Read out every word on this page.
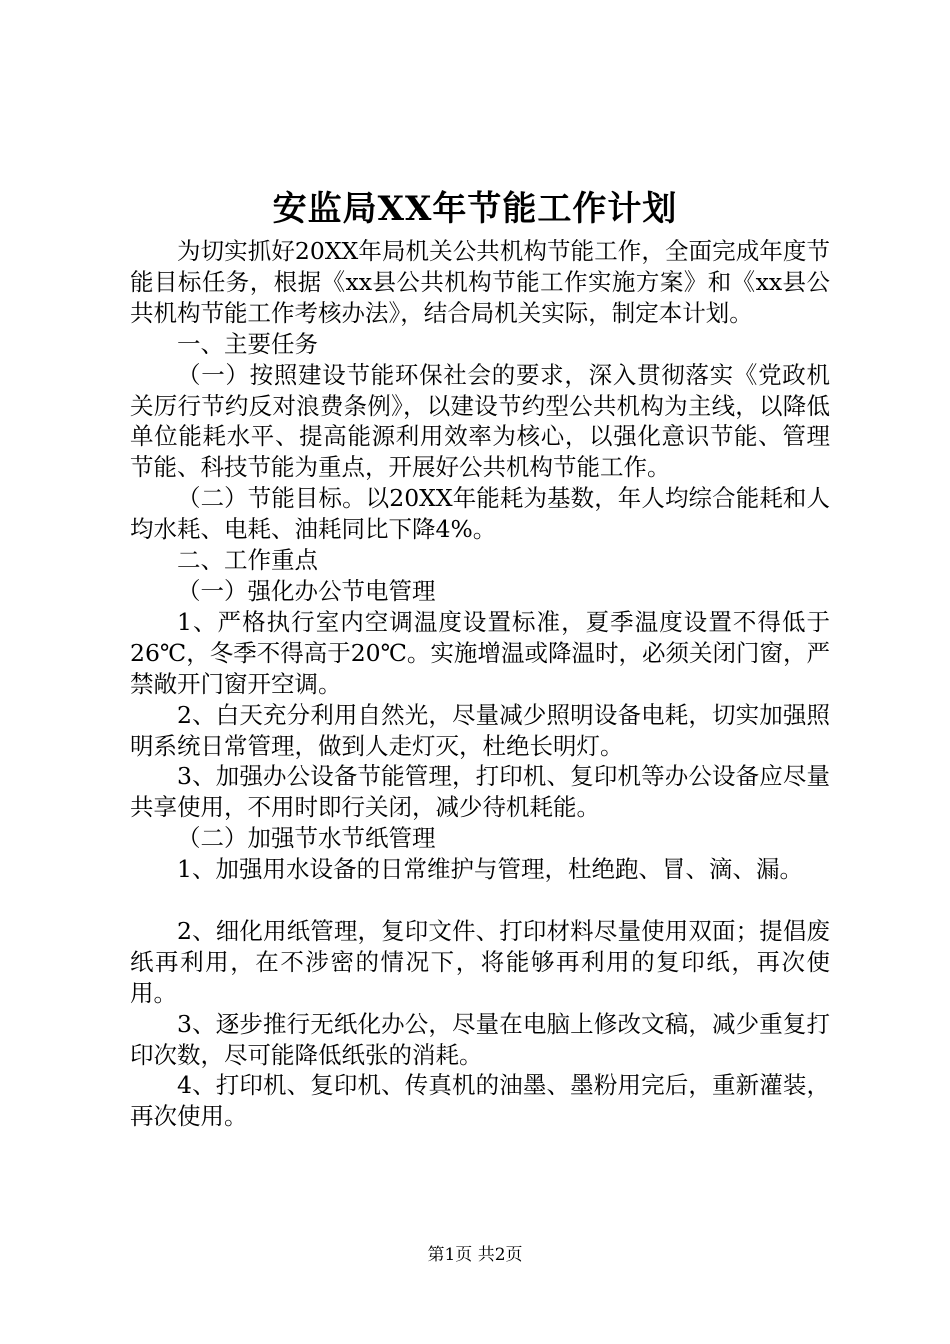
安监局XX年节能工作计划

为切实抓好20XX年局机关公共机构节能工作，全面完成年度节能目标任务，根据《xx县公共机构节能工作实施方案》和《xx县公共机构节能工作考核办法》，结合局机关实际，制定本计划。

一、主要任务

（一）按照建设节能环保社会的要求，深入贯彻落实《党政机关厉行节约反对浪费条例》，以建设节约型公共机构为主线，以降低单位能耗水平、提高能源利用效率为核心，以强化意识节能、管理节能、科技节能为重点，开展好公共机构节能工作。

（二）节能目标。以20XX年能耗为基数，年人均综合能耗和人均水耗、电耗、油耗同比下降4%。

二、工作重点

（一）强化办公节电管理

1、严格执行室内空调温度设置标准，夏季温度设置不得低于26℃，冬季不得高于20℃。实施增温或降温时，必须关闭门窗，严禁敞开门窗开空调。

2、白天充分利用自然光，尽量减少照明设备电耗，切实加强照明系统日常管理，做到人走灯灭，杜绝长明灯。

3、加强办公设备节能管理，打印机、复印机等办公设备应尽量共享使用，不用时即行关闭，减少待机耗能。

（二）加强节水节纸管理

1、加强用水设备的日常维护与管理，杜绝跑、冒、滴、漏。

2、细化用纸管理，复印文件、打印材料尽量使用双面；提倡废纸再利用，在不涉密的情况下，将能够再利用的复印纸，再次使用。

3、逐步推行无纸化办公，尽量在电脑上修改文稿，减少重复打印次数，尽可能降低纸张的消耗。

4、打印机、复印机、传真机的油墨、墨粉用完后，重新灌装，再次使用。

第1页 共2页
